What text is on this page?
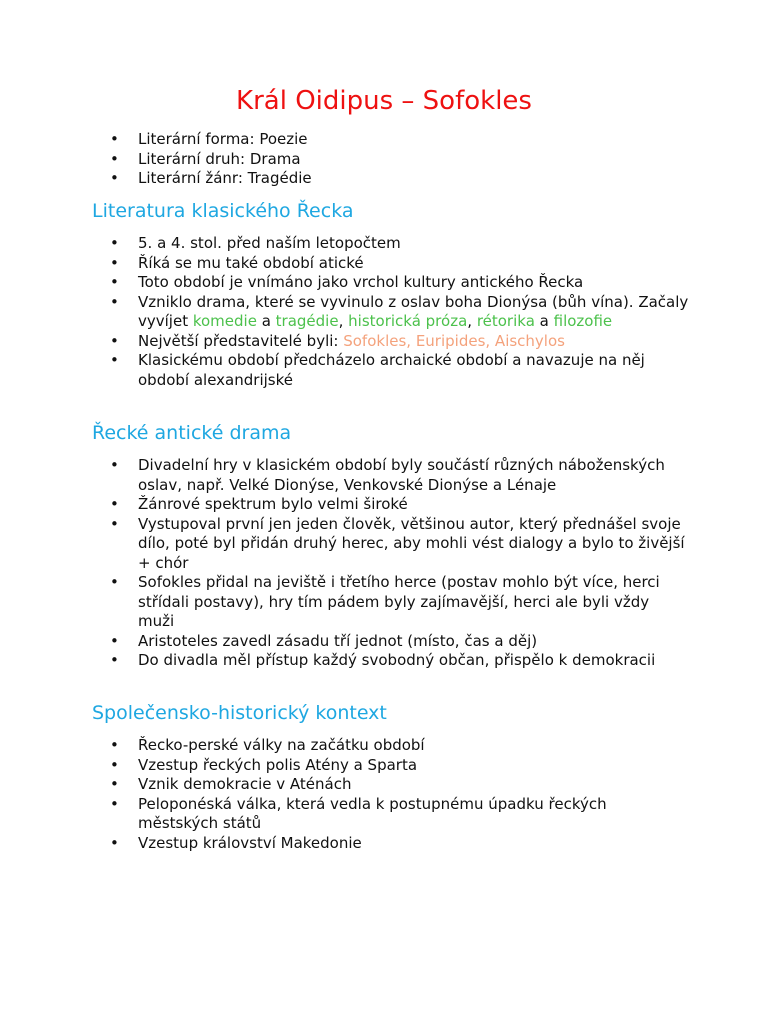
Král Oidipus – Sofokles
• Literární forma: Poezie
• Literární druh: Drama
• Literární žánr: Tragédie
Literatura klasického Řecka
• 5. a 4. stol. před naším letopočtem
• Říká se mu také období atické
• Toto období je vnímáno jako vrchol kultury antického Řecka
• Vzniklo drama, které se vyvinulo z oslav boha Dionýsa (bůh vína). Začaly vyvíjet komedie a tragédie, historická próza, rétorika a filozofie
• Největší představitelé byli: Sofokles, Euripides, Aischylos
• Klasickému období předcházelo archaické období a navazuje na něj období alexandrijské
Řecké antické drama
• Divadelní hry v klasickém období byly součástí různých náboženských oslav, např. Velké Dionýse, Venkovské Dionýse a Lénaje
• Žánrové spektrum bylo velmi široké
• Vystupoval první jen jeden člověk, většinou autor, který přednášel svoje dílo, poté byl přidán druhý herec, aby mohli vést dialogy a bylo to živější + chór
• Sofokles přidal na jeviště i třetího herce (postav mohlo být více, herci střídali postavy), hry tím pádem byly zajímavější, herci ale byli vždy muži
• Aristoteles zavedl zásadu tří jednot (místo, čas a děj)
• Do divadla měl přístup každý svobodný občan, přispělo k demokracii
Společensko-historický kontext
• Řecko-perské války na začátku období
• Vzestup řeckých polis Atény a Sparta
• Vznik demokracie v Aténách
• Peloponéská válka, která vedla k postupnému úpadku řeckých městských států
• Vzestup království Makedonie
